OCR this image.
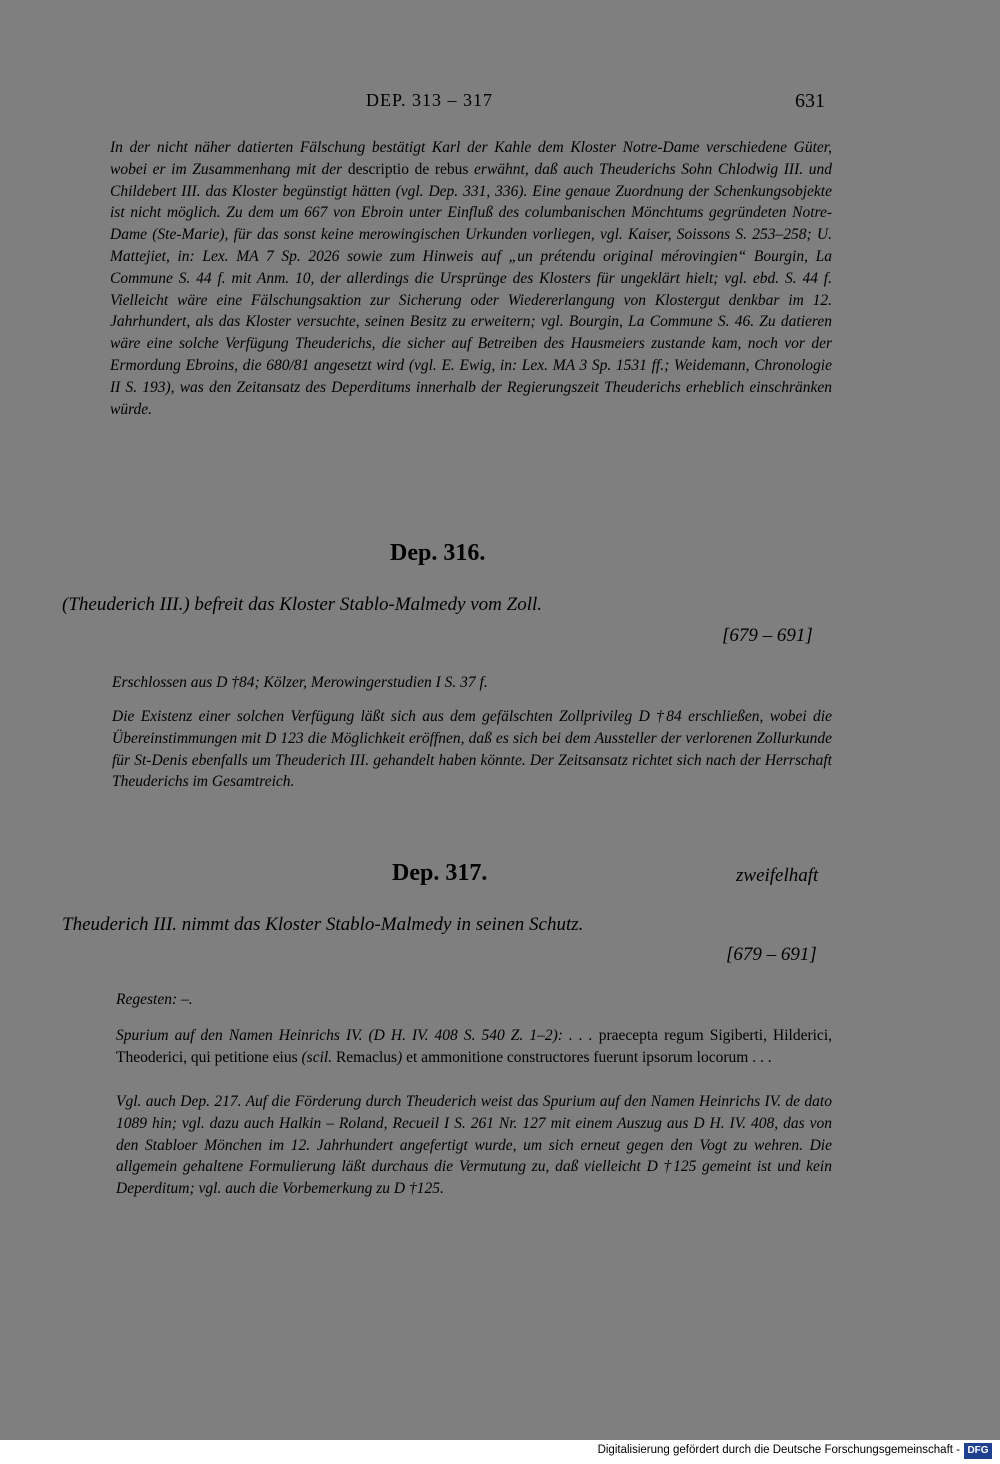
DEP. 313 – 317	631

In der nicht näher datierten Fälschung bestätigt Karl der Kahle dem Kloster Notre-Dame verschiedene Güter, wobei er im Zusammenhang mit der descriptio de rebus erwähnt, daß auch Theuderichs Sohn Chlodwig III. und Childebert III. das Kloster begünstigt hätten (vgl. Dep. 331, 336). Eine genaue Zuordnung der Schenkungsobjekte ist nicht möglich. Zu dem um 667 von Ebroin unter Einfluß des columbanischen Mönchtums gegründeten Notre-Dame (Ste-Marie), für das sonst keine merowingischen Urkunden vorliegen, vgl. Kaiser, Soissons S. 253–258; U. Mattejiet, in: Lex. MA 7 Sp. 2026 sowie zum Hinweis auf „un prétendu original mérovingien“ Bourgin, La Commune S. 44 f. mit Anm. 10, der allerdings die Ursprünge des Klosters für ungeklärt hielt; vgl. ebd. S. 44 f. Vielleicht wäre eine Fälschungsaktion zur Sicherung oder Wiedererlangung von Klostergut denkbar im 12. Jahrhundert, als das Kloster versuchte, seinen Besitz zu erweitern; vgl. Bourgin, La Commune S. 46. Zu datieren wäre eine solche Verfügung Theuderichs, die sicher auf Betreiben des Hausmeiers zustande kam, noch vor der Ermordung Ebroins, die 680/81 angesetzt wird (vgl. E. Ewig, in: Lex. MA 3 Sp. 1531 ff.; Weidemann, Chronologie II S. 193), was den Zeitansatz des Deperditums innerhalb der Regierungszeit Theuderichs erheblich einschränken würde.

Dep. 316.
(Theuderich III.) befreit das Kloster Stablo-Malmedy vom Zoll.
[679 – 691]
Erschlossen aus D †84; Kölzer, Merowingerstudien I S. 37 f.

Die Existenz einer solchen Verfügung läßt sich aus dem gefälschten Zollprivileg D †84 erschließen, wobei die Übereinstimmungen mit D 123 die Möglichkeit eröffnen, daß es sich bei dem Aussteller der verlorenen Zollurkunde für St-Denis ebenfalls um Theuderich III. gehandelt haben könnte. Der Zeitsansatz richtet sich nach der Herrschaft Theuderichs im Gesamtreich.

Dep. 317.	zweifelhaft
Theuderich III. nimmt das Kloster Stablo-Malmedy in seinen Schutz.
[679 – 691]
Regesten: –.

Spurium auf den Namen Heinrichs IV. (D H. IV. 408 S. 540 Z. 1–2): . . . praecepta regum Sigiberti, Hilderici, Theoderici, qui petitione eius (scil. Remaclus) et ammonitione constructores fuerunt ipsorum locorum . . .

Vgl. auch Dep. 217. Auf die Förderung durch Theuderich weist das Spurium auf den Namen Heinrichs IV. de dato 1089 hin; vgl. dazu auch Halkin – Roland, Recueil I S. 261 Nr. 127 mit einem Auszug aus D H. IV. 408, das von den Stabloer Mönchen im 12. Jahrhundert angefertigt wurde, um sich erneut gegen den Vogt zu wehren. Die allgemein gehaltene Formulierung läßt durchaus die Vermutung zu, daß vielleicht D †125 gemeint ist und kein Deperditum; vgl. auch die Vorbemerkung zu D †125.

Digitalisierung gefördert durch die Deutsche Forschungsgemeinschaft - DFG
